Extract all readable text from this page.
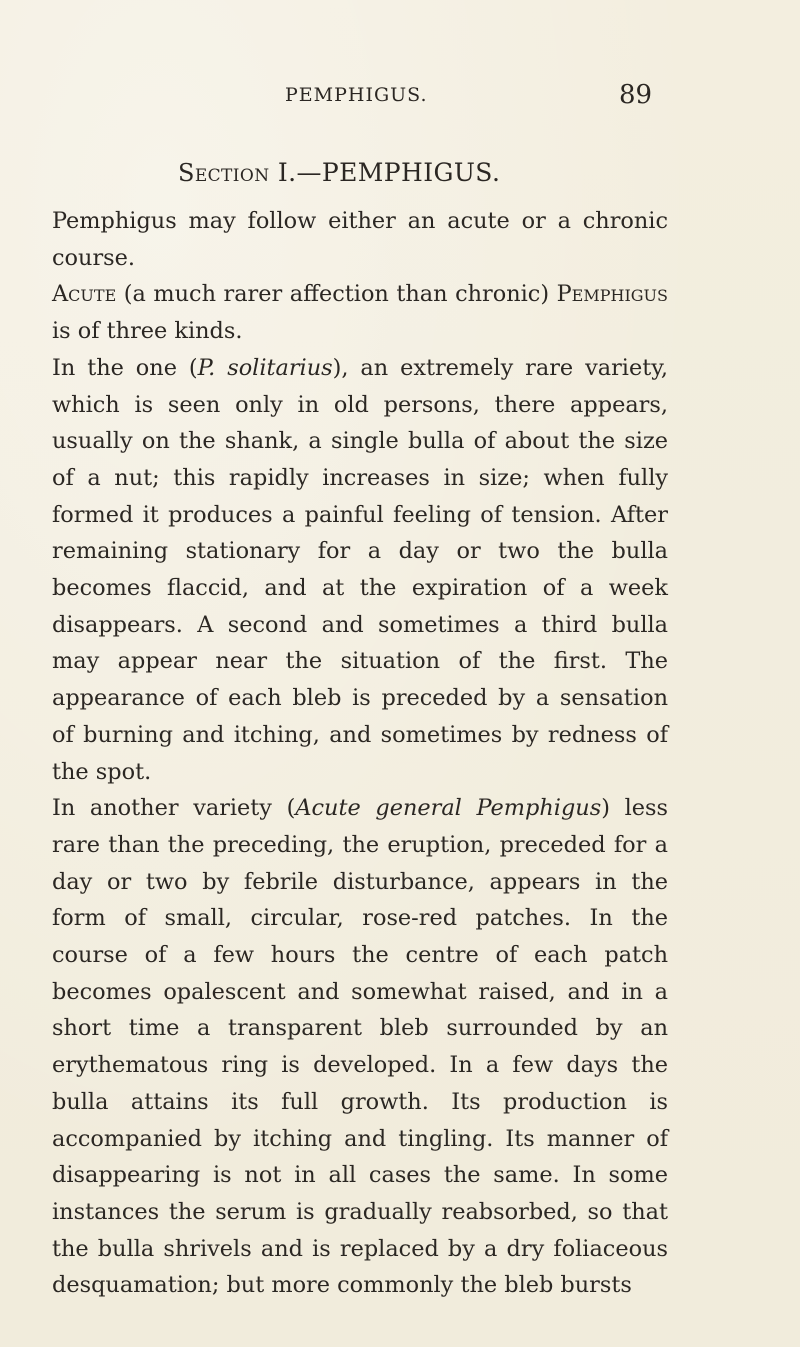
PEMPHIGUS.	89
Section I.—PEMPHIGUS.

Pemphigus may follow either an acute or a chronic course.

Acute (a much rarer affection than chronic) Pemphigus is of three kinds.

In the one (P. solitarius), an extremely rare variety, which is seen only in old persons, there appears, usually on the shank, a single bulla of about the size of a nut; this rapidly increases in size; when fully formed it produces a painful feeling of tension. After remaining stationary for a day or two the bulla becomes flaccid, and at the expiration of a week disappears. A second and sometimes a third bulla may appear near the situation of the first. The appearance of each bleb is preceded by a sensation of burning and itching, and sometimes by redness of the spot.

In another variety (Acute general Pemphigus) less rare than the preceding, the eruption, preceded for a day or two by febrile disturbance, appears in the form of small, circular, rose-red patches. In the course of a few hours the centre of each patch becomes opalescent and somewhat raised, and in a short time a transparent bleb surrounded by an erythematous ring is developed. In a few days the bulla attains its full growth. Its production is accompanied by itching and tingling. Its manner of disappearing is not in all cases the same. In some instances the serum is gradually reabsorbed, so that the bulla shrivels and is replaced by a dry foliaceous desquamation; but more commonly the bleb bursts
